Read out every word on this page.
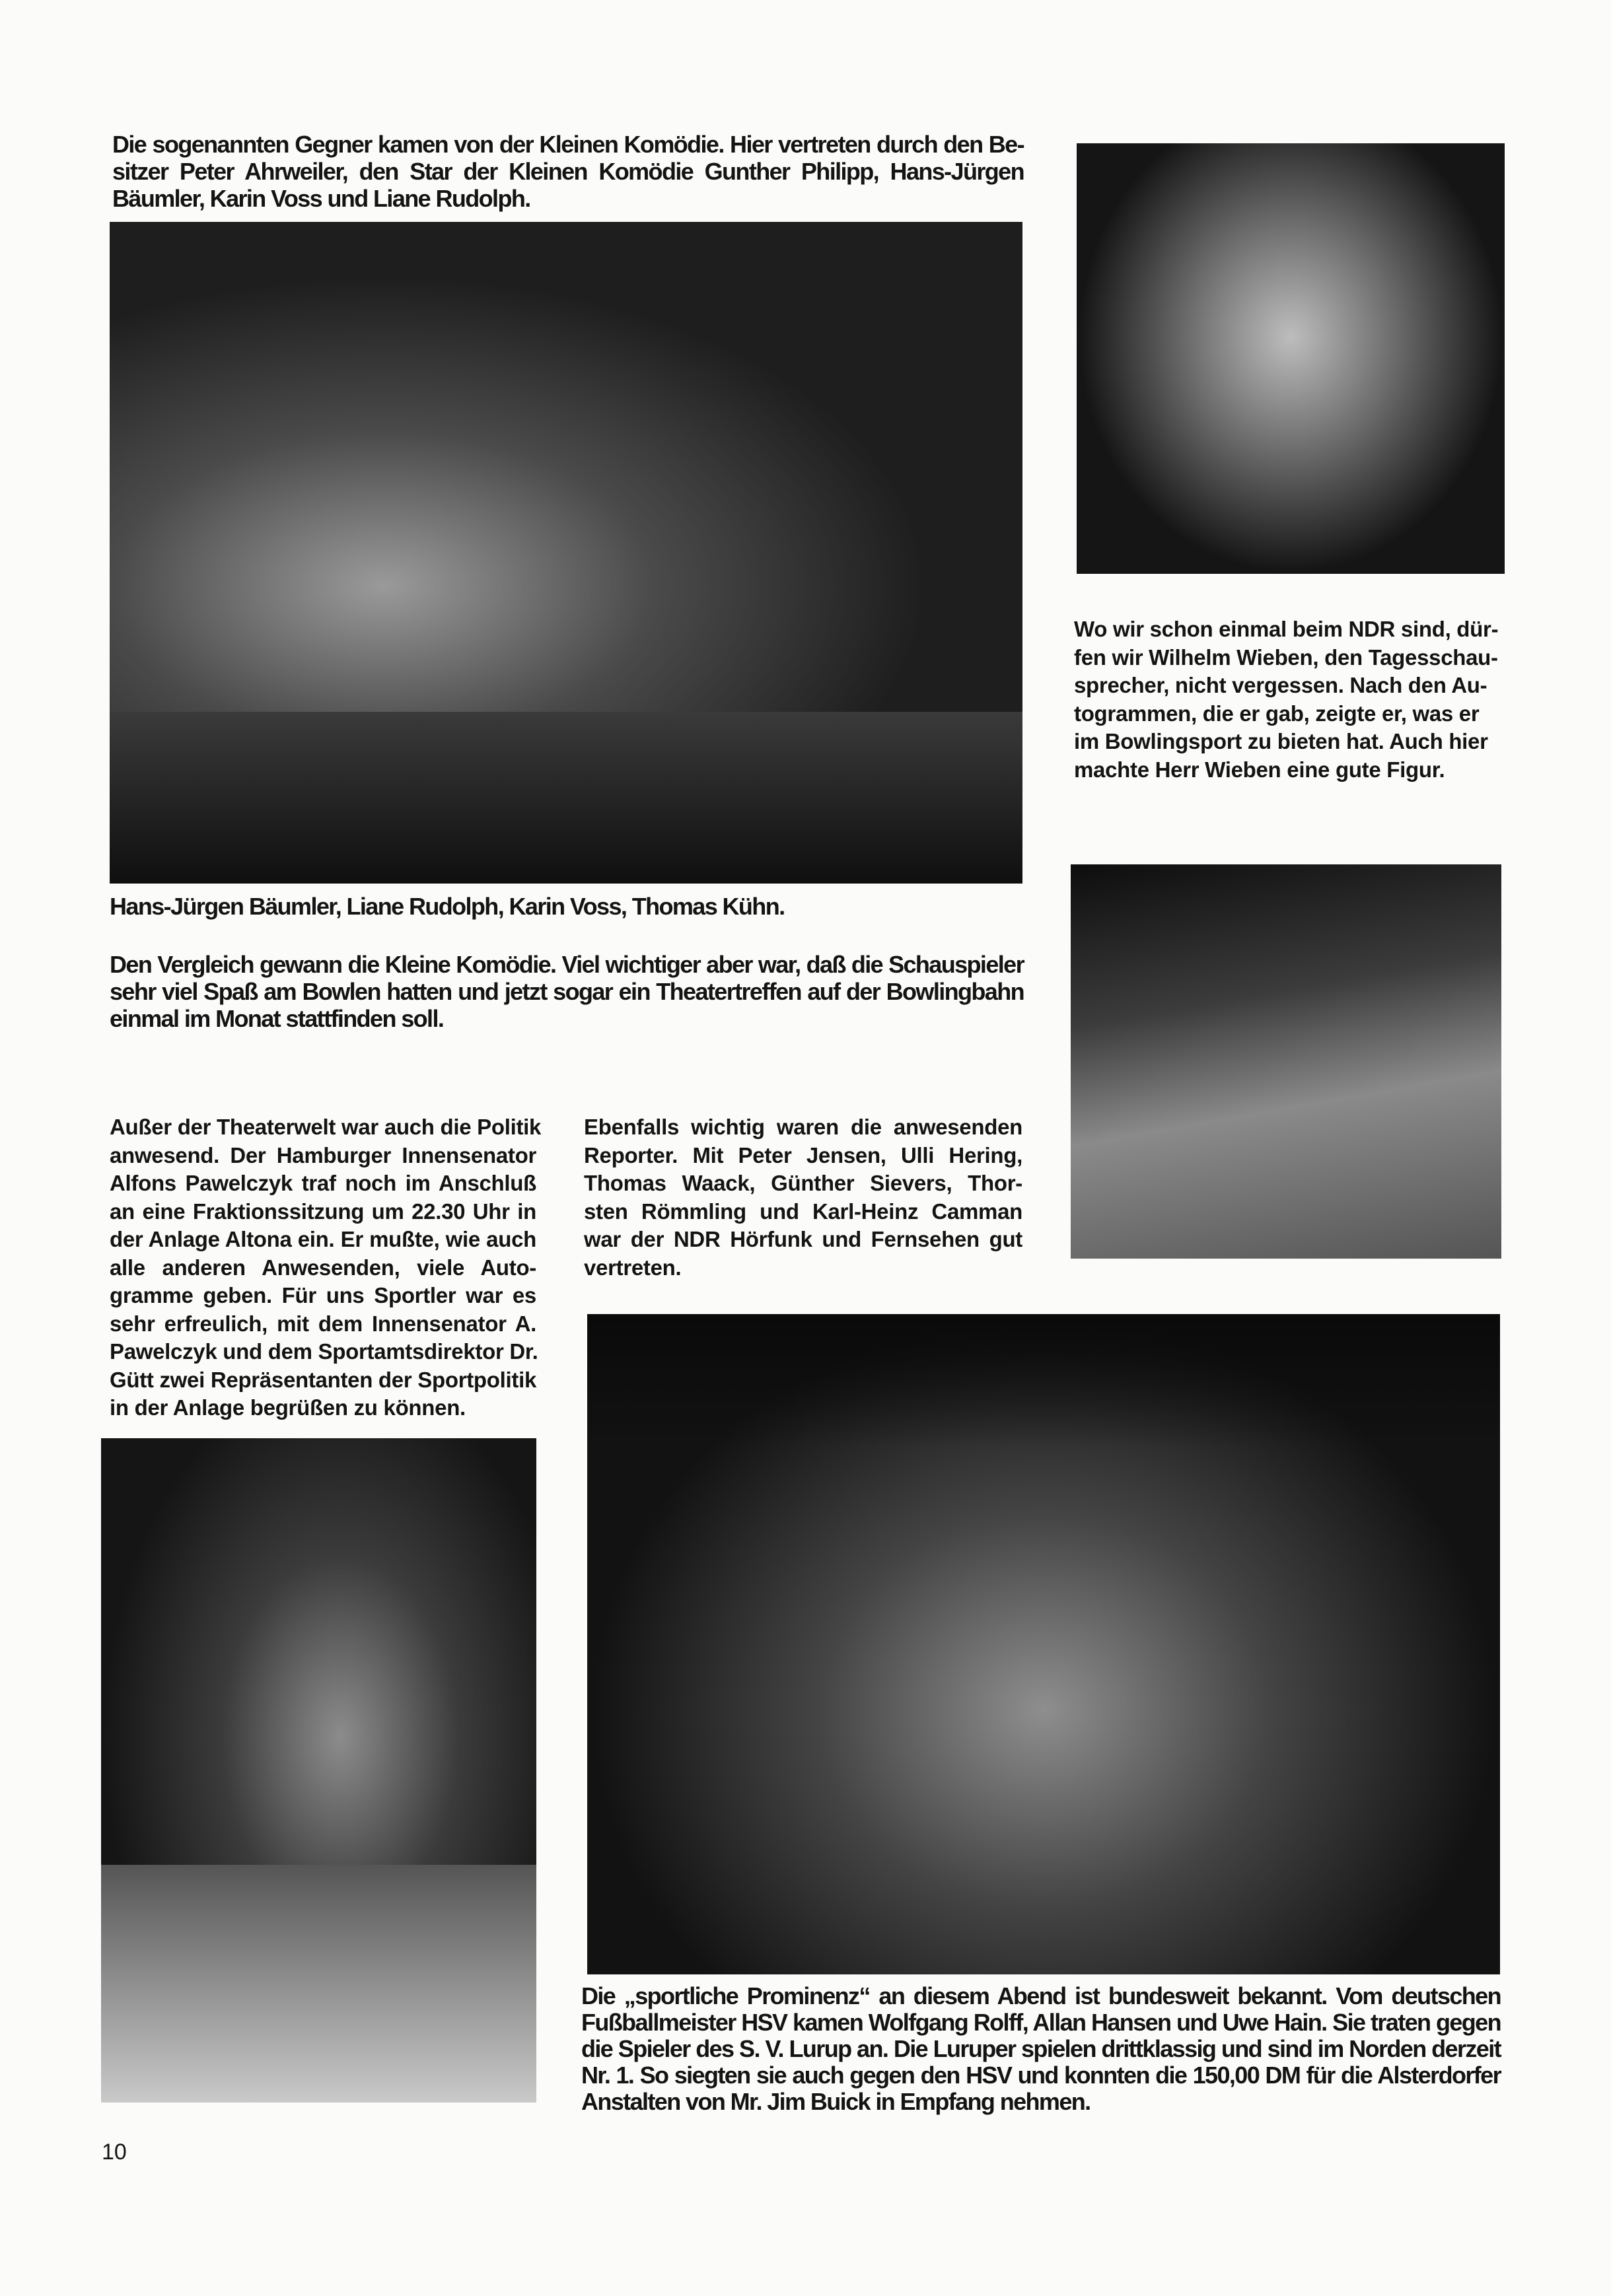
Die sogenannten Gegner kamen von der Kleinen Komödie. Hier vertreten durch den Be-
sitzer Peter Ahrweiler, den Star der Kleinen Komödie Gunther Philipp, Hans-Jürgen
Bäumler, Karin Voss und Liane Rudolph.
Hans-Jürgen Bäumler, Liane Rudolph, Karin Voss, Thomas Kühn.
Den Vergleich gewann die Kleine Komödie. Viel wichtiger aber war, daß die Schauspieler
sehr viel Spaß am Bowlen hatten und jetzt sogar ein Theatertreffen auf der Bowlingbahn
einmal im Monat stattfinden soll.
Wo wir schon einmal beim NDR sind, dür-
fen wir Wilhelm Wieben, den Tagesschau-
sprecher, nicht vergessen. Nach den Au-
togrammen, die er gab, zeigte er, was er
im Bowlingsport zu bieten hat. Auch hier
machte Herr Wieben eine gute Figur.
Außer der Theaterwelt war auch die Politik
anwesend. Der Hamburger Innensenator
Alfons Pawelczyk traf noch im Anschluß
an eine Fraktionssitzung um 22.30 Uhr in
der Anlage Altona ein. Er mußte, wie auch
alle anderen Anwesenden, viele Auto-
gramme geben. Für uns Sportler war es
sehr erfreulich, mit dem Innensenator A.
Pawelczyk und dem Sportamtsdirektor Dr.
Gütt zwei Repräsentanten der Sportpolitik
in der Anlage begrüßen zu können.
Ebenfalls wichtig waren die anwesenden
Reporter. Mit Peter Jensen, Ulli Hering,
Thomas Waack, Günther Sievers, Thor-
sten Römmling und Karl-Heinz Camman
war der NDR Hörfunk und Fernsehen gut
vertreten.
Die „sportliche Prominenz“ an diesem Abend ist bundesweit bekannt. Vom deutschen
Fußballmeister HSV kamen Wolfgang Rolff, Allan Hansen und Uwe Hain. Sie traten gegen
die Spieler des S. V. Lurup an. Die Luruper spielen drittklassig und sind im Norden derzeit
Nr. 1. So siegten sie auch gegen den HSV und konnten die 150,00 DM für die Alsterdorfer
Anstalten von Mr. Jim Buick in Empfang nehmen.
10
